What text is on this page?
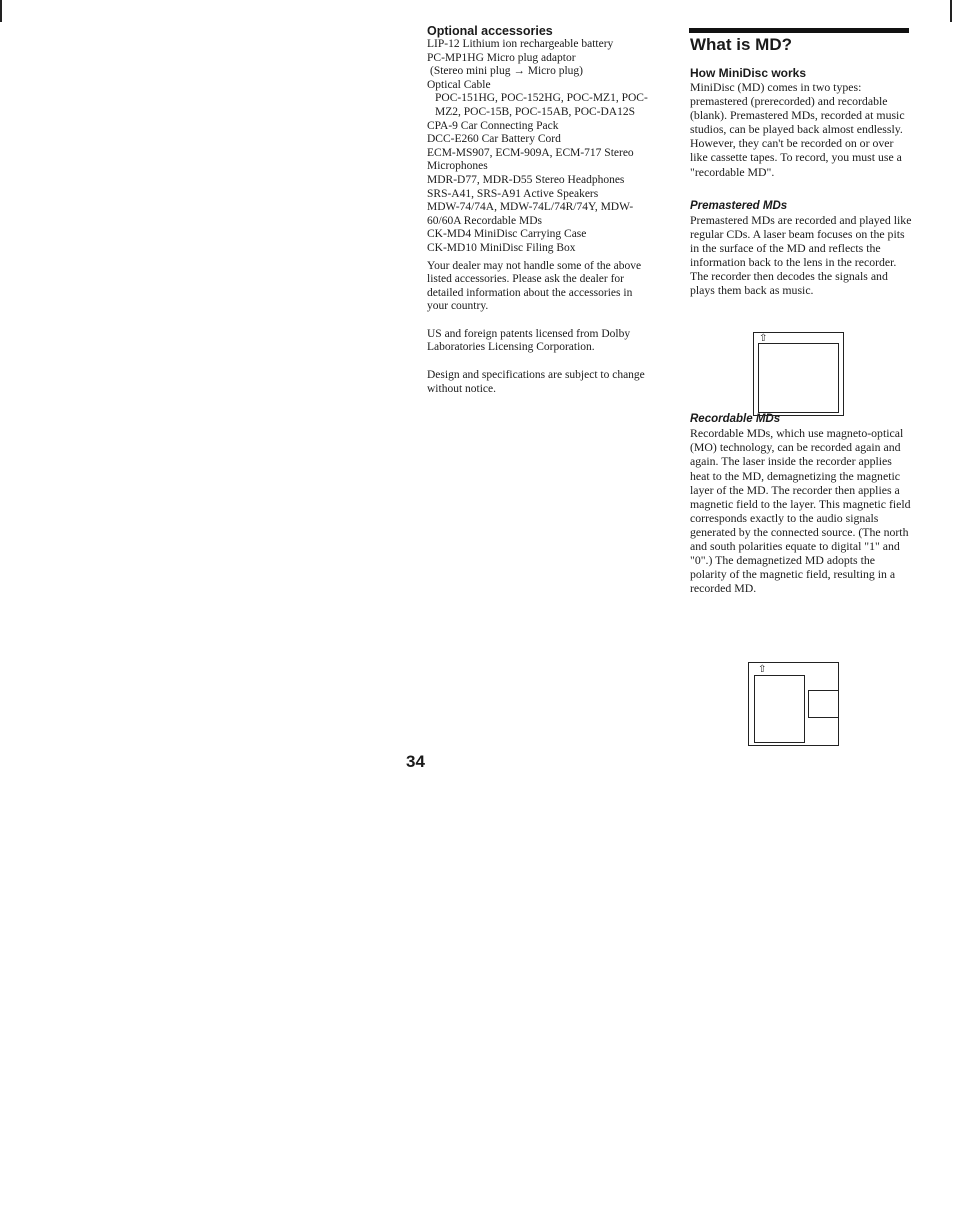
Optional accessories

LIP-12 Lithium ion rechargeable battery

PC-MP1HG Micro plug adaptor

(Stereo mini plug → Micro plug)

Optical Cable

POC-151HG, POC-152HG, POC-MZ1, POC-MZ2, POC-15B, POC-15AB, POC-DA12S

CPA-9 Car Connecting Pack

DCC-E260 Car Battery Cord

ECM-MS907, ECM-909A, ECM-717 Stereo Microphones

MDR-D77, MDR-D55 Stereo Headphones

SRS-A41, SRS-A91 Active Speakers

MDW-74/74A, MDW-74L/74R/74Y, MDW-60/60A Recordable MDs

CK-MD4 MiniDisc Carrying Case

CK-MD10 MiniDisc Filing Box

Your dealer may not handle some of the above listed accessories. Please ask the dealer for detailed information about the accessories in your country.

US and foreign patents licensed from Dolby Laboratories Licensing Corporation.

Design and specifications are subject to change without notice.

What is MD?

How MiniDisc works

MiniDisc (MD) comes in two types: premastered (prerecorded) and recordable (blank). Premastered MDs, recorded at music studios, can be played back almost endlessly. However, they can't be recorded on or over like cassette tapes. To record, you must use a "recordable MD".

Premastered MDs

Premastered MDs are recorded and played like regular CDs. A laser beam focuses on the pits in the surface of the MD and reflects the information back to the lens in the recorder. The recorder then decodes the signals and plays them back as music.

Recordable MDs

Recordable MDs, which use magneto-optical (MO) technology, can be recorded again and again. The laser inside the recorder applies heat to the MD, demagnetizing the magnetic layer of the MD. The recorder then applies a magnetic field to the layer. This magnetic field corresponds exactly to the audio signals generated by the connected source. (The north and south polarities equate to digital "1" and "0".) The demagnetized MD adopts the polarity of the magnetic field, resulting in a recorded MD.

⇧
⇧
34
